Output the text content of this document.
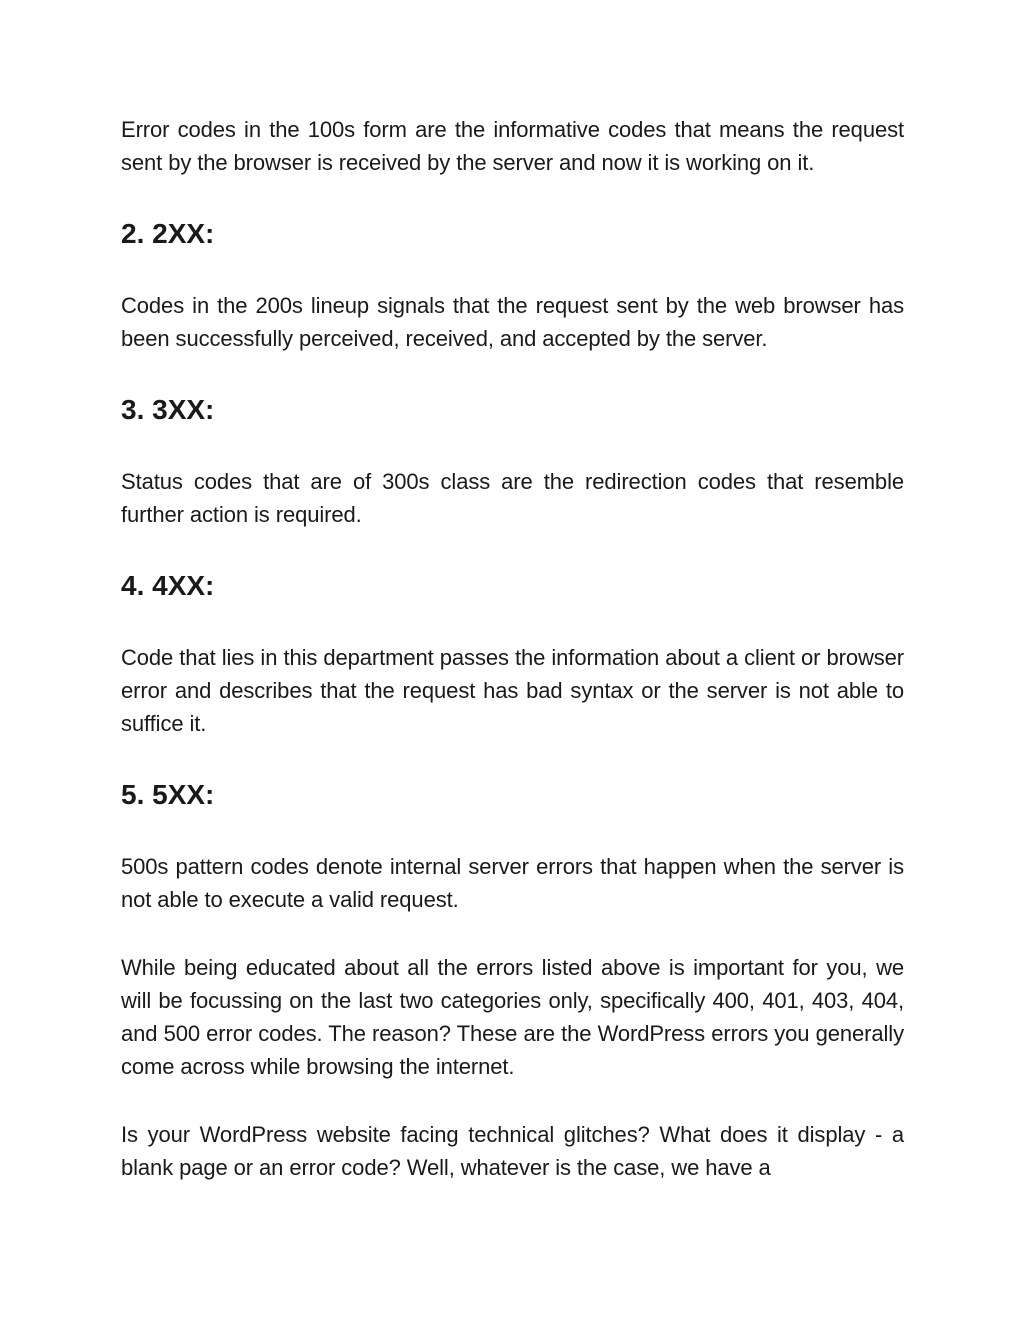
Error codes in the 100s form are the informative codes that means the request sent by the browser is received by the server and now it is working on it.

2. 2XX:

Codes in the 200s lineup signals that the request sent by the web browser has been successfully perceived, received, and accepted by the server.

3. 3XX:

Status codes that are of 300s class are the redirection codes that resemble further action is required.

4. 4XX:

Code that lies in this department passes the information about a client or browser error and describes that the request has bad syntax or the server is not able to suffice it.

5. 5XX:

500s pattern codes denote internal server errors that happen when the server is not able to execute a valid request.

While being educated about all the errors listed above is important for you, we will be focussing on the last two categories only, specifically 400, 401, 403, 404, and 500 error codes. The reason? These are the WordPress errors you generally come across while browsing the internet.

Is your WordPress website facing technical glitches? What does it display - a blank page or an error code? Well, whatever is the case, we have a
